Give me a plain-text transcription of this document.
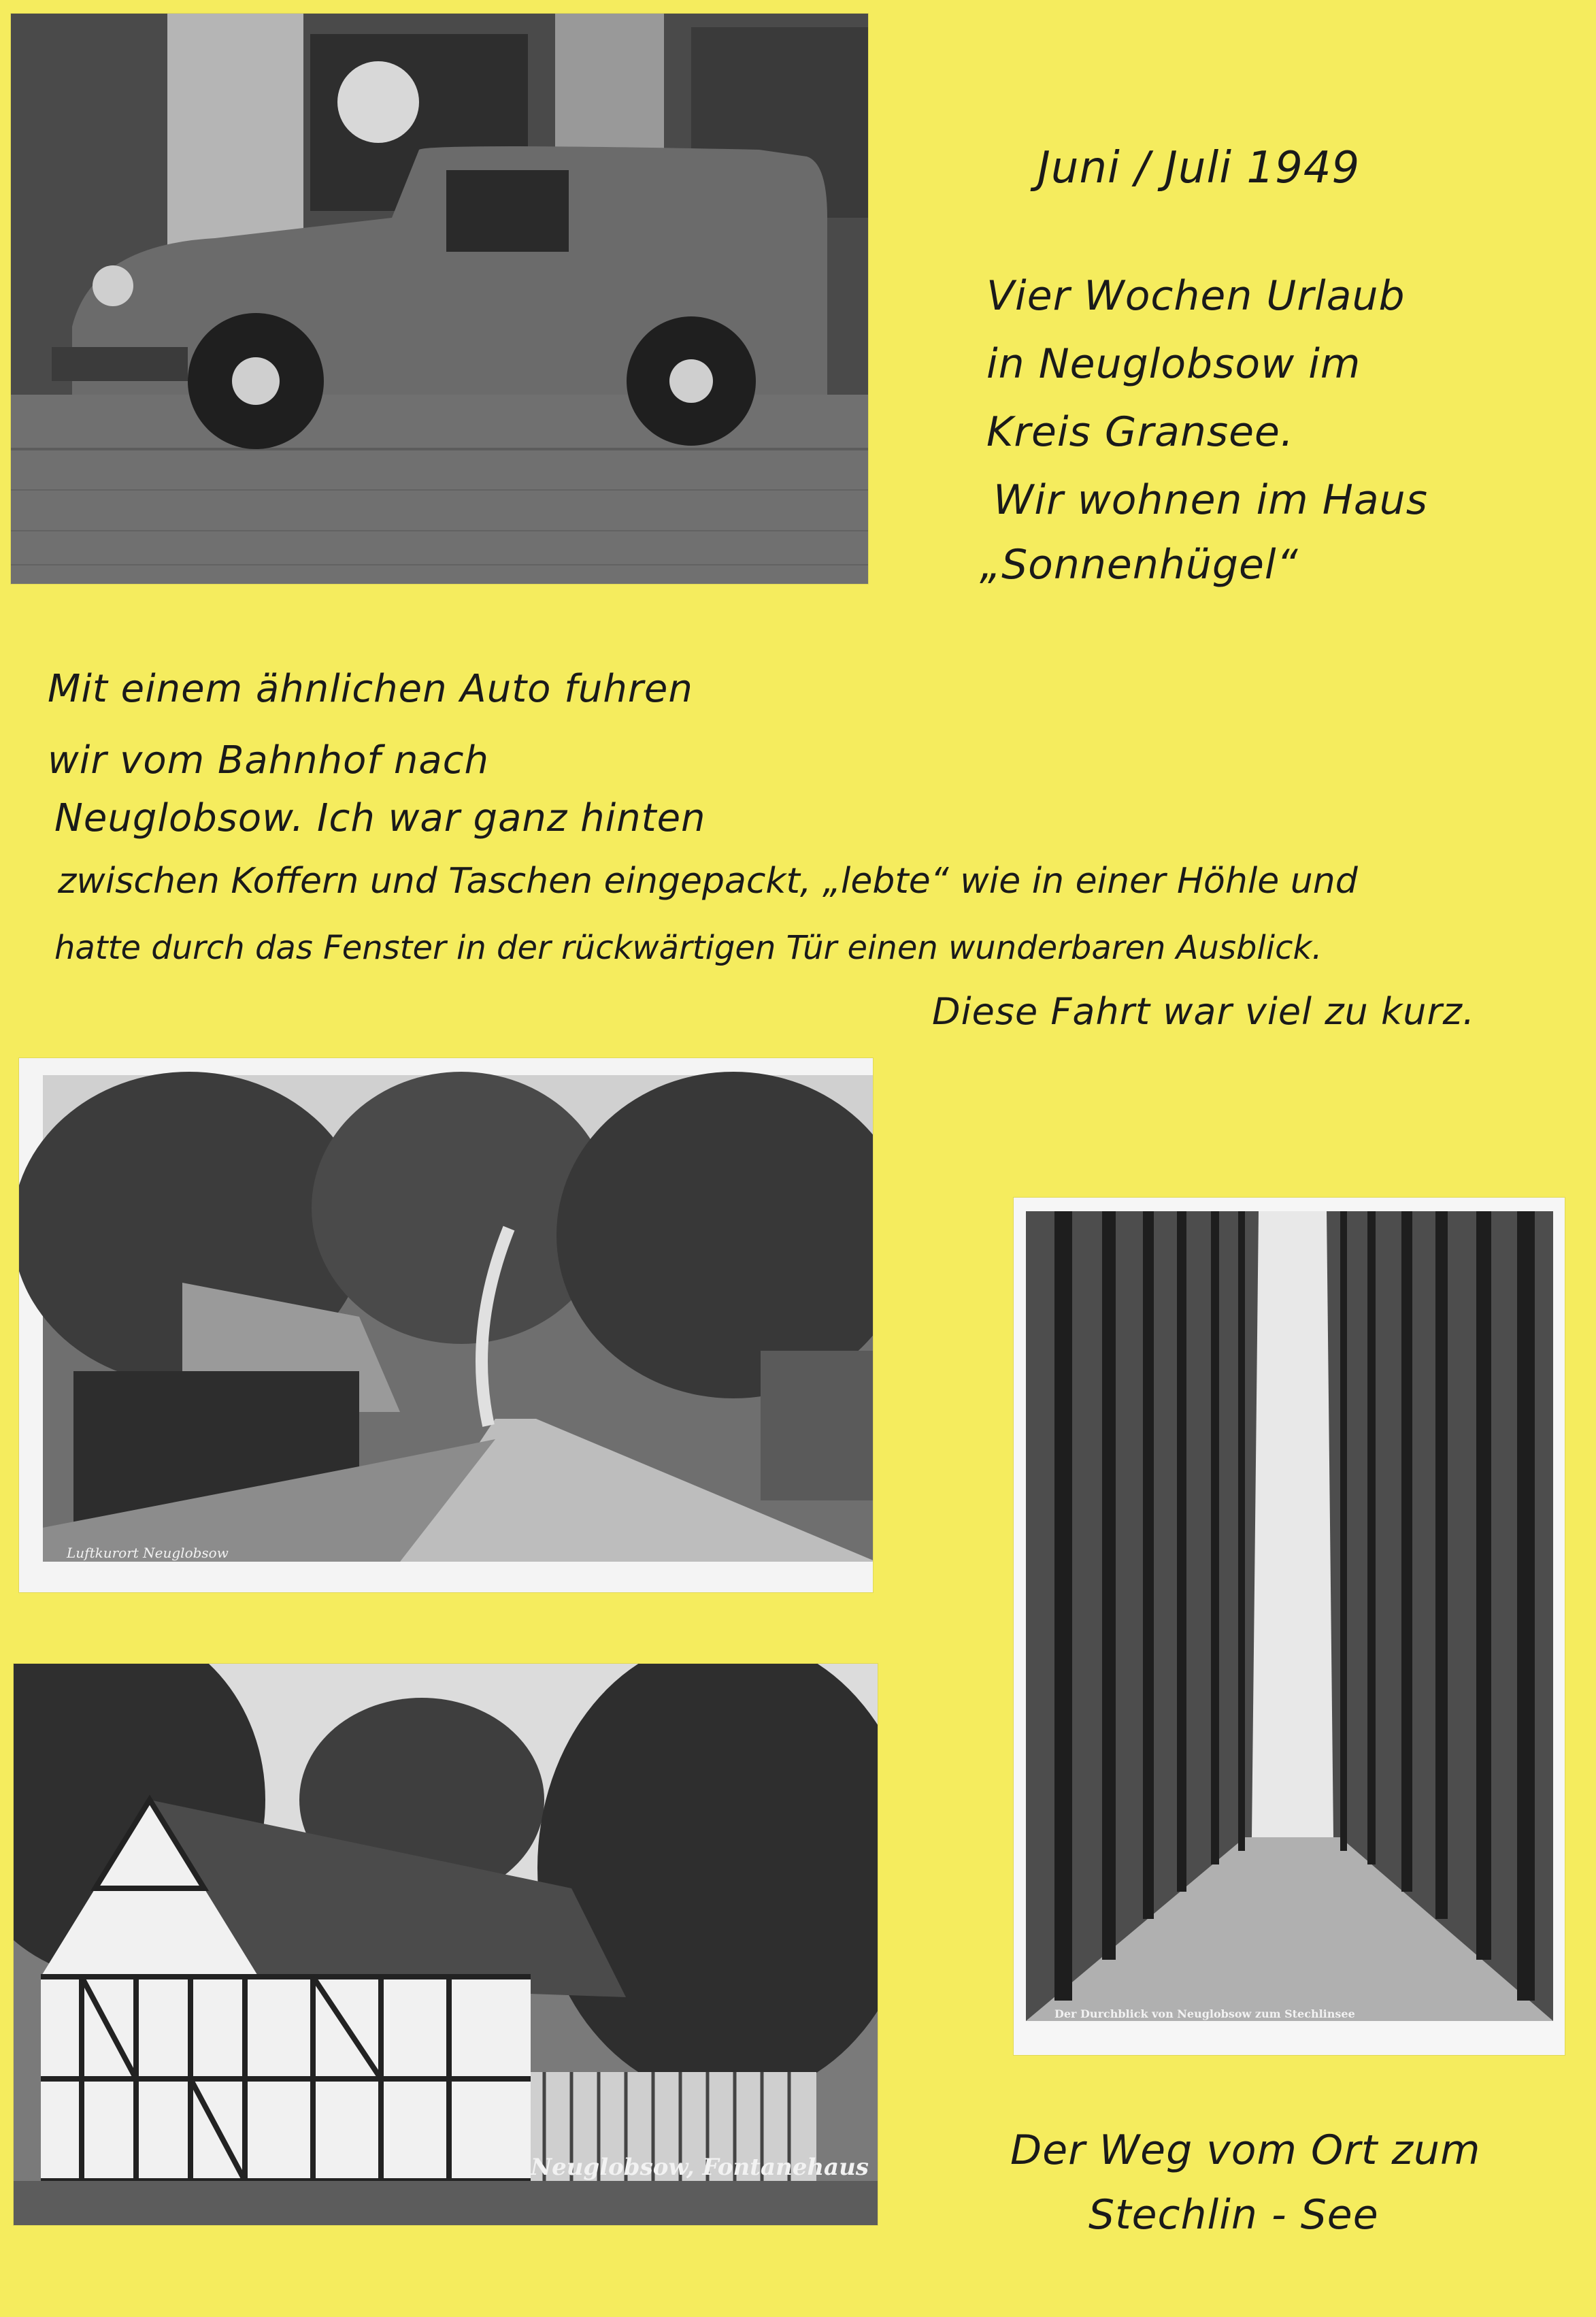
Juni / Juli 1949
Vier Wochen Urlaub
in Neuglobsow im
Kreis Gransee.
Wir wohnen im Haus
„Sonnenhügel“
Mit einem ähnlichen Auto fuhren
wir vom Bahnhof nach
Neuglobsow. Ich war ganz hinten
zwischen Koffern und Taschen eingepackt, „lebte“ wie in einer Höhle und
hatte durch das Fenster in der rückwärtigen Tür einen wunderbaren Ausblick.
Diese Fahrt war viel zu kurz.
Luftkurort Neuglobsow
Neuglobsow, Fontanehaus
Der Durchblick von Neuglobsow zum Stechlinsee
Der Weg vom Ort zum
Stechlin - See
